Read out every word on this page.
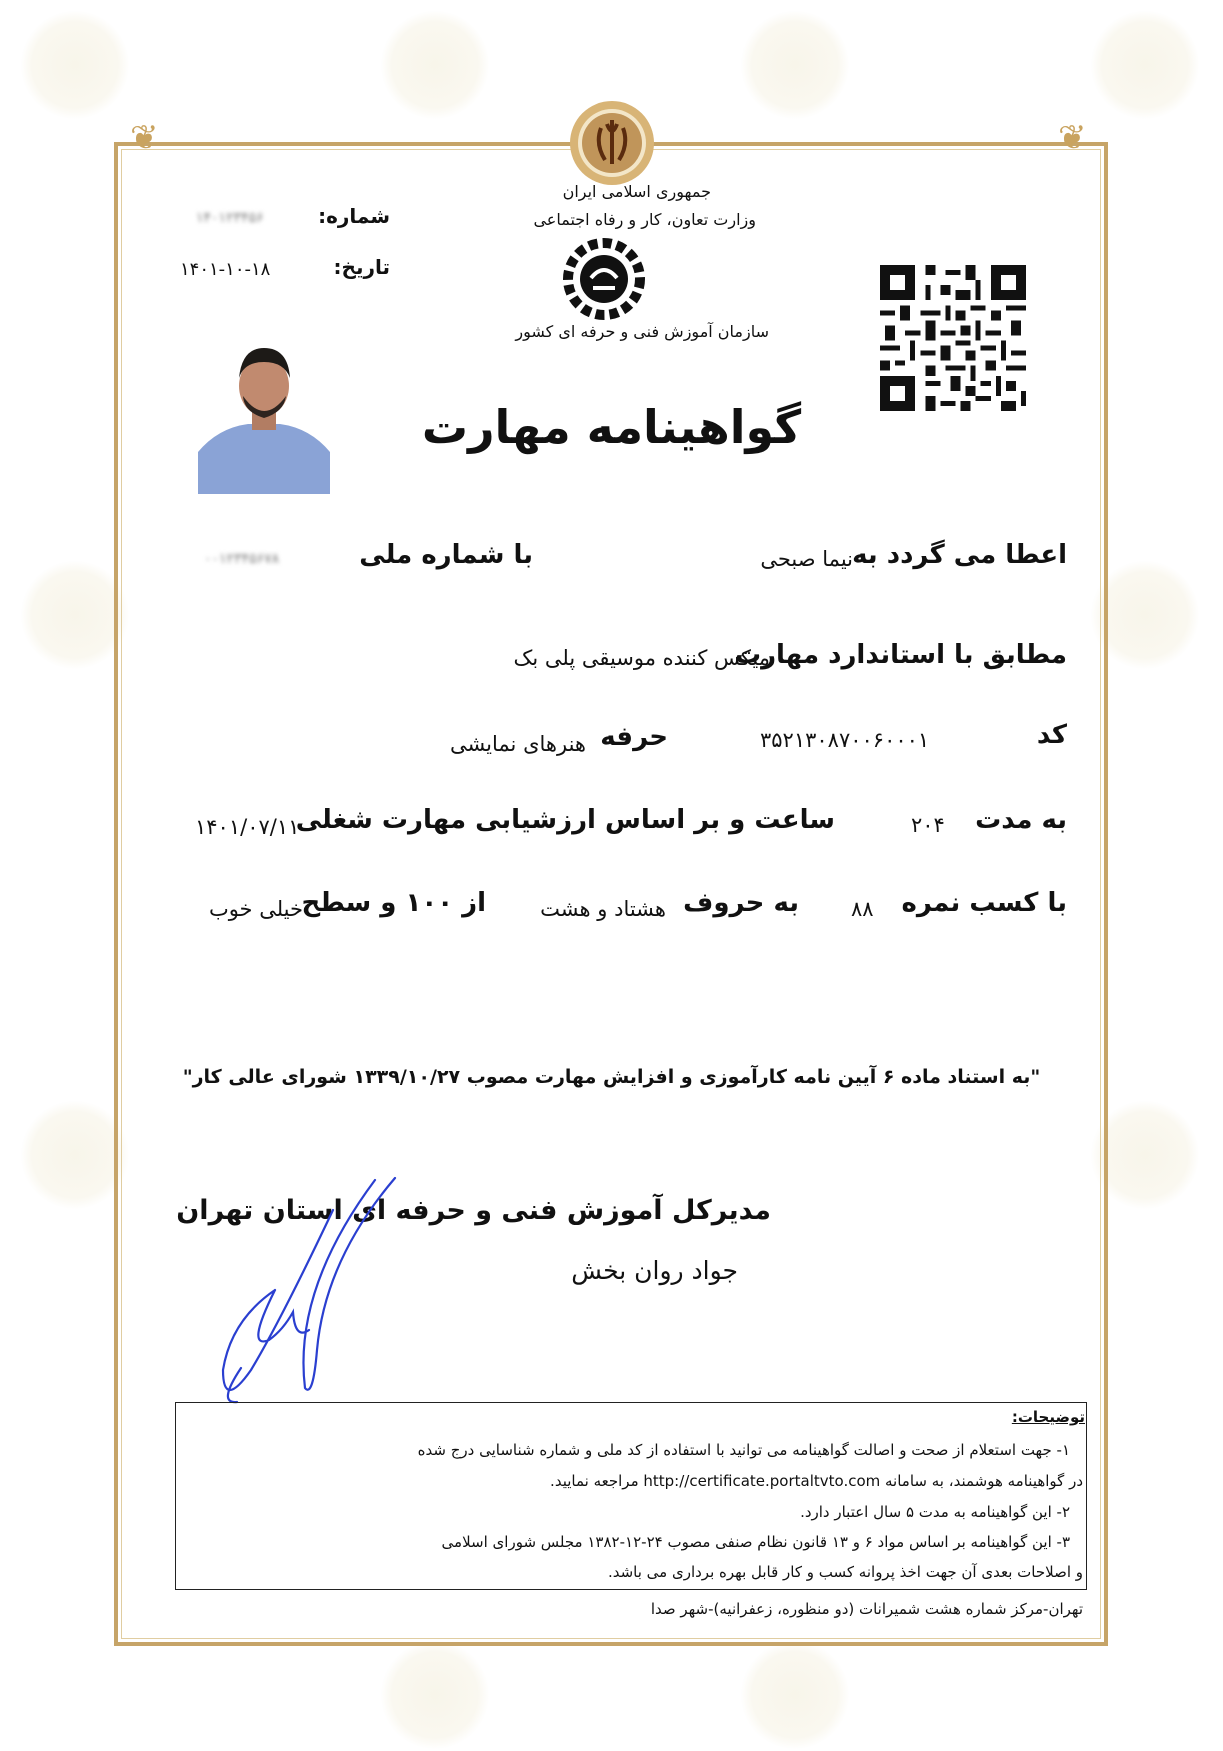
❦	❦
جمهوری اسلامی ایران
وزارت تعاون، کار و رفاه اجتماعی
سازمان آموزش فنی و حرفه ای کشور
شماره:
۱۴۰۱۲۳۴۵۶
تاریخ:
۱۴۰۱-۱۰-۱۸
گواهینامه مهارت
اعطا می گردد به
نیما صبحی
با شماره ملی
۰۰۱۲۳۴۵۶۷۸
مطابق با استاندارد مهارت
میکس کننده موسیقی پلی بک
کد
۳۵۲۱۳۰۸۷۰۰۶۰۰۰۱
حرفه
هنرهای نمایشی
به مدت
۲۰۴
ساعت و بر اساس ارزشیابی مهارت شغلی
۱۴۰۱/۰۷/۱۱
با کسب نمره
۸۸
به حروف
هشتاد و هشت
از ۱۰۰ و سطح
خیلی خوب
"به استناد ماده ۶ آیین نامه کارآموزی و افزایش مهارت مصوب ۱۳۳۹/۱۰/۲۷ شورای عالی کار"
مدیرکل آموزش فنی و حرفه ای استان تهران
جواد روان بخش
توضیحات:
۱- جهت استعلام از صحت و اصالت گواهینامه می توانید با استفاده از کد ملی و شماره شناسایی درج شده
در گواهینامه هوشمند، به سامانه http://certificate.portaltvto.com مراجعه نمایید.
۲- این گواهینامه به مدت ۵ سال اعتبار دارد.
۳- این گواهینامه بر اساس مواد ۶ و ۱۳ قانون نظام صنفی مصوب ۲۴-۱۲-۱۳۸۲ مجلس شورای اسلامی
و اصلاحات بعدی آن جهت اخذ پروانه کسب و کار قابل بهره برداری می باشد.
تهران-مرکز شماره هشت شمیرانات (دو منظوره، زعفرانیه)-شهر صدا
